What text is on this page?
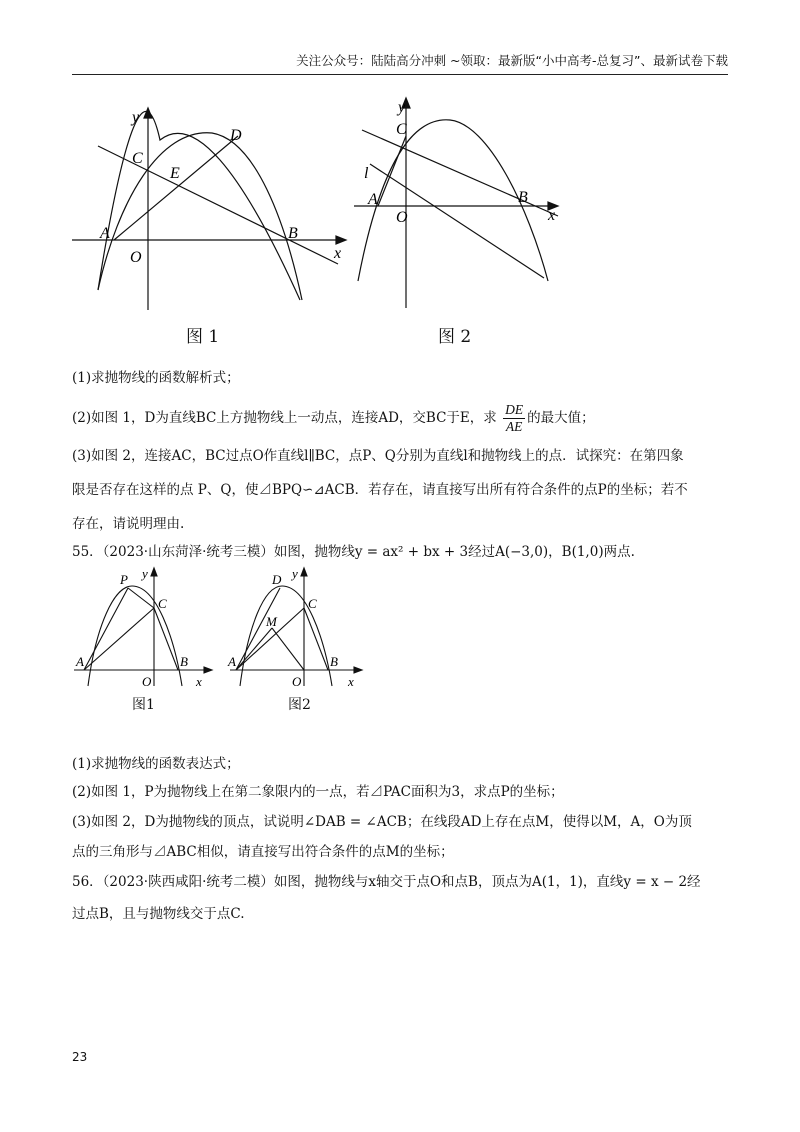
关注公众号：陆陆高分冲刺 ~领取：最新版“小中高考-总复习”、最新试卷下载
y
x
O
A	B
C
D
E
图 1
y
x
O
A	B
C
l
图 2
(1)求抛物线的函数解析式；
(2)如图 1，D为直线BC上方抛物线上一动点，连接AD，交BC于E，求 $\frac{DE}{AE}$ 的最大值；
(3)如图 2，连接AC，BC过点O作直线l∥BC，点P、Q分别为直线l和抛物线上的点．试探究：在第四象
限是否存在这样的点 P、Q，使⊿BPQ∽⊿ACB．若存在，请直接写出所有符合条件的点P的坐标；若不
存在，请说明理由.
55．（2023·山东菏泽·统考三模）如图，抛物线y = ax² + bx + 3经过A(−3,0)，B(1,0)两点.
y
x
O
A	B
C
P
图1
y
x
O
A	B
C
D
M
图2
(1)求抛物线的函数表达式；
(2)如图 1，P为抛物线上在第二象限内的一点，若⊿PAC面积为3，求点P的坐标；
(3)如图 2，D为抛物线的顶点，试说明∠DAB = ∠ACB；在线段AD上存在点M，使得以M，A，O为顶
点的三角形与⊿ABC相似，请直接写出符合条件的点M的坐标；
56．（2023·陕西咸阳·统考二模）如图，抛物线与x轴交于点O和点B，顶点为A(1，1)，直线y = x − 2经
过点B，且与抛物线交于点C.
23
